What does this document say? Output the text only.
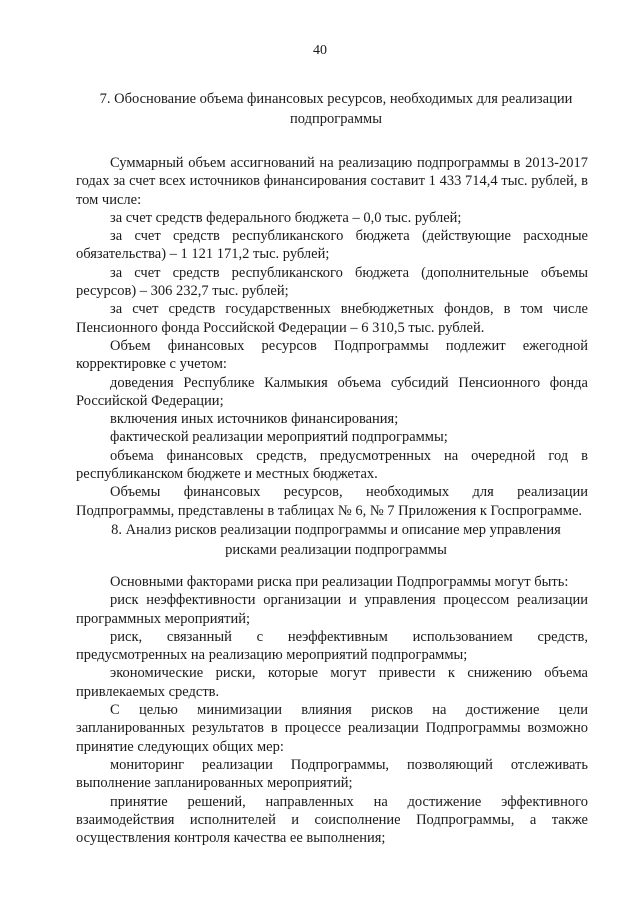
40
7. Обоснование объема финансовых ресурсов, необходимых для реализации
подпрограммы

Суммарный объем ассигнований на реализацию подпрограммы в 2013-2017 годах за счет всех источников финансирования составит 1 433 714,4 тыс. рублей, в том числе:

за счет средств федерального бюджета – 0,0 тыс. рублей;

за счет средств республиканского бюджета (действующие расходные обязательства) – 1 121 171,2 тыс. рублей;

за счет средств республиканского бюджета (дополнительные объемы ресурсов) – 306 232,7 тыс. рублей;

за счет средств государственных внебюджетных фондов, в том числе Пенсионного фонда Российской Федерации – 6 310,5 тыс. рублей.

Объем финансовых ресурсов Подпрограммы подлежит ежегодной корректировке с учетом:

доведения Республике Калмыкия объема субсидий Пенсионного фонда Российской Федерации;

включения иных источников финансирования;

фактической реализации мероприятий подпрограммы;

объема финансовых средств, предусмотренных на очередной год в республиканском бюджете и местных бюджетах.

Объемы финансовых ресурсов, необходимых для реализации Подпрограммы, представлены в таблицах № 6, № 7 Приложения к Госпрограмме.

8. Анализ рисков реализации подпрограммы и описание мер управления
рисками реализации подпрограммы

Основными факторами риска при реализации Подпрограммы могут быть:

риск неэффективности организации и управления процессом реализации программных мероприятий;

риск, связанный с неэффективным использованием средств, предусмотренных на реализацию мероприятий подпрограммы;

экономические риски, которые могут привести к снижению объема привлекаемых средств.

С целью минимизации влияния рисков на достижение цели запланированных результатов в процессе реализации Подпрограммы возможно принятие следующих общих мер:

мониторинг реализации Подпрограммы, позволяющий отслеживать выполнение запланированных мероприятий;

принятие решений, направленных на достижение эффективного взаимодействия исполнителей и соисполнение Подпрограммы, а также осуществления контроля качества ее выполнения;
